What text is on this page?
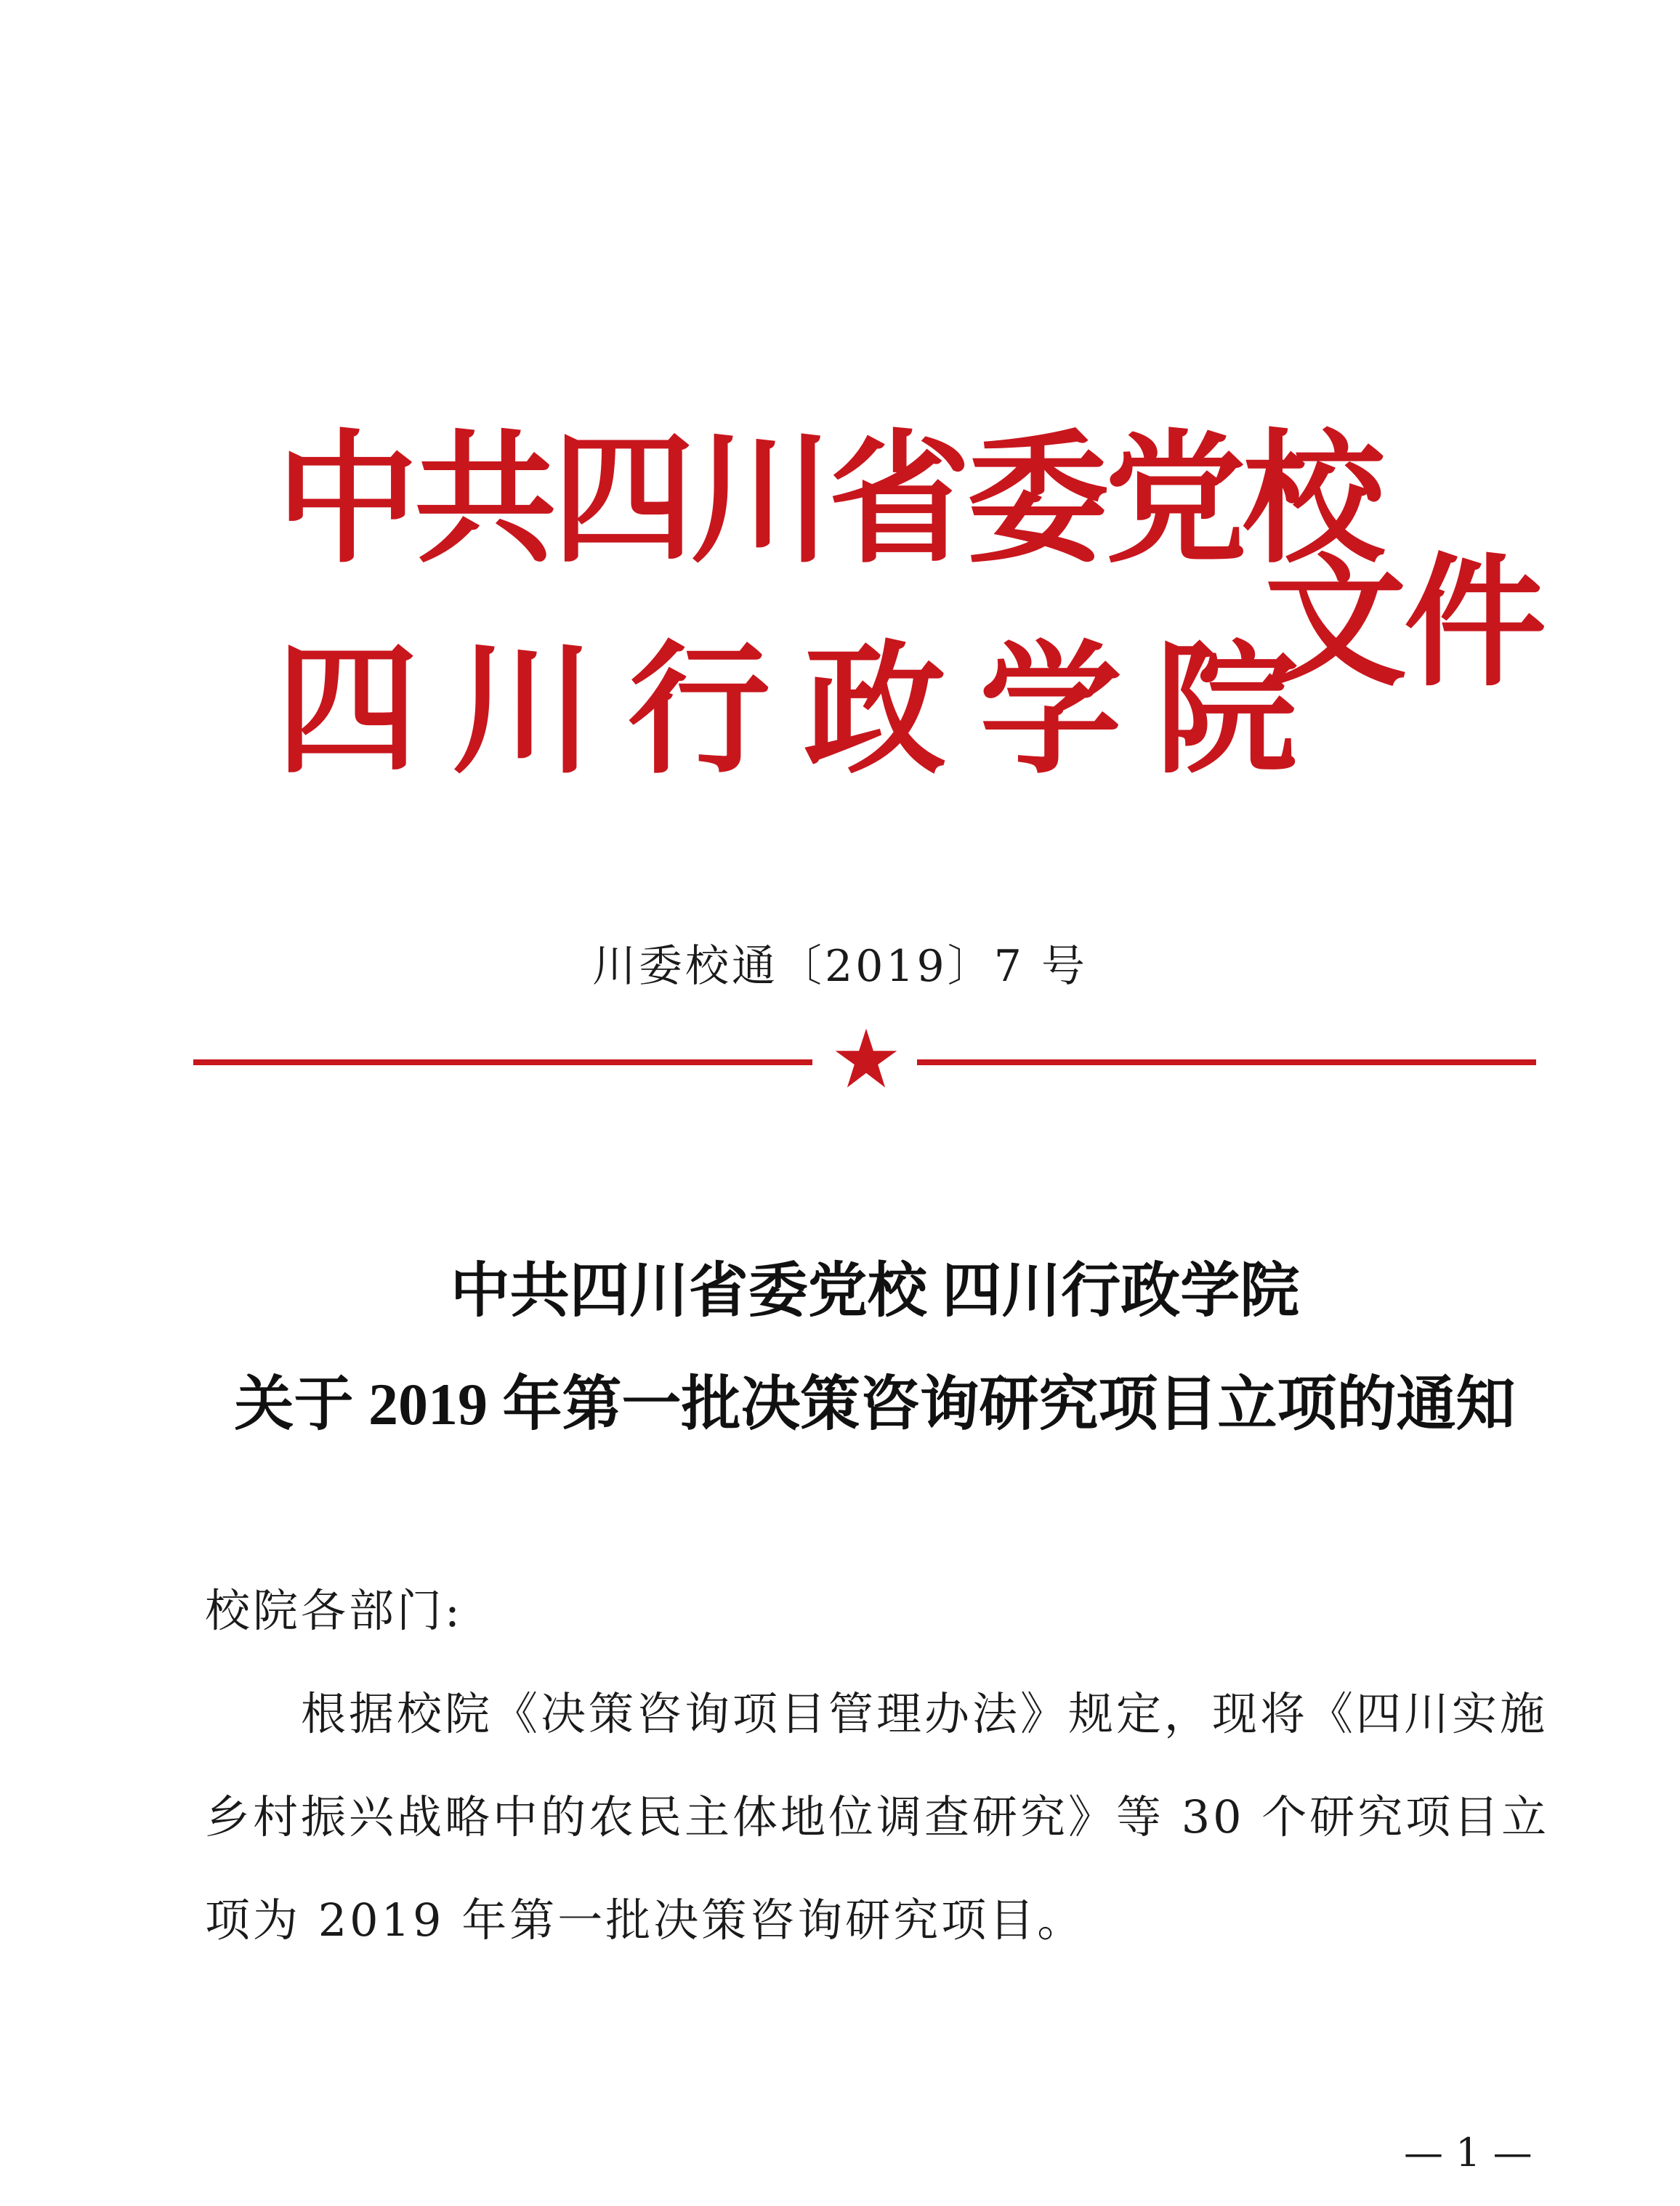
中共四川省委党校
四川行政学院
文件
川委校通〔2019〕7 号
中共四川省委党校 四川行政学院
关于 2019 年第一批决策咨询研究项目立项的通知
校院各部门:
根据校院《决策咨询项目管理办法》规定，现将《四川实施
乡村振兴战略中的农民主体地位调查研究》等 30 个研究项目立
项为 2019 年第一批决策咨询研究项目。
— 1 —
